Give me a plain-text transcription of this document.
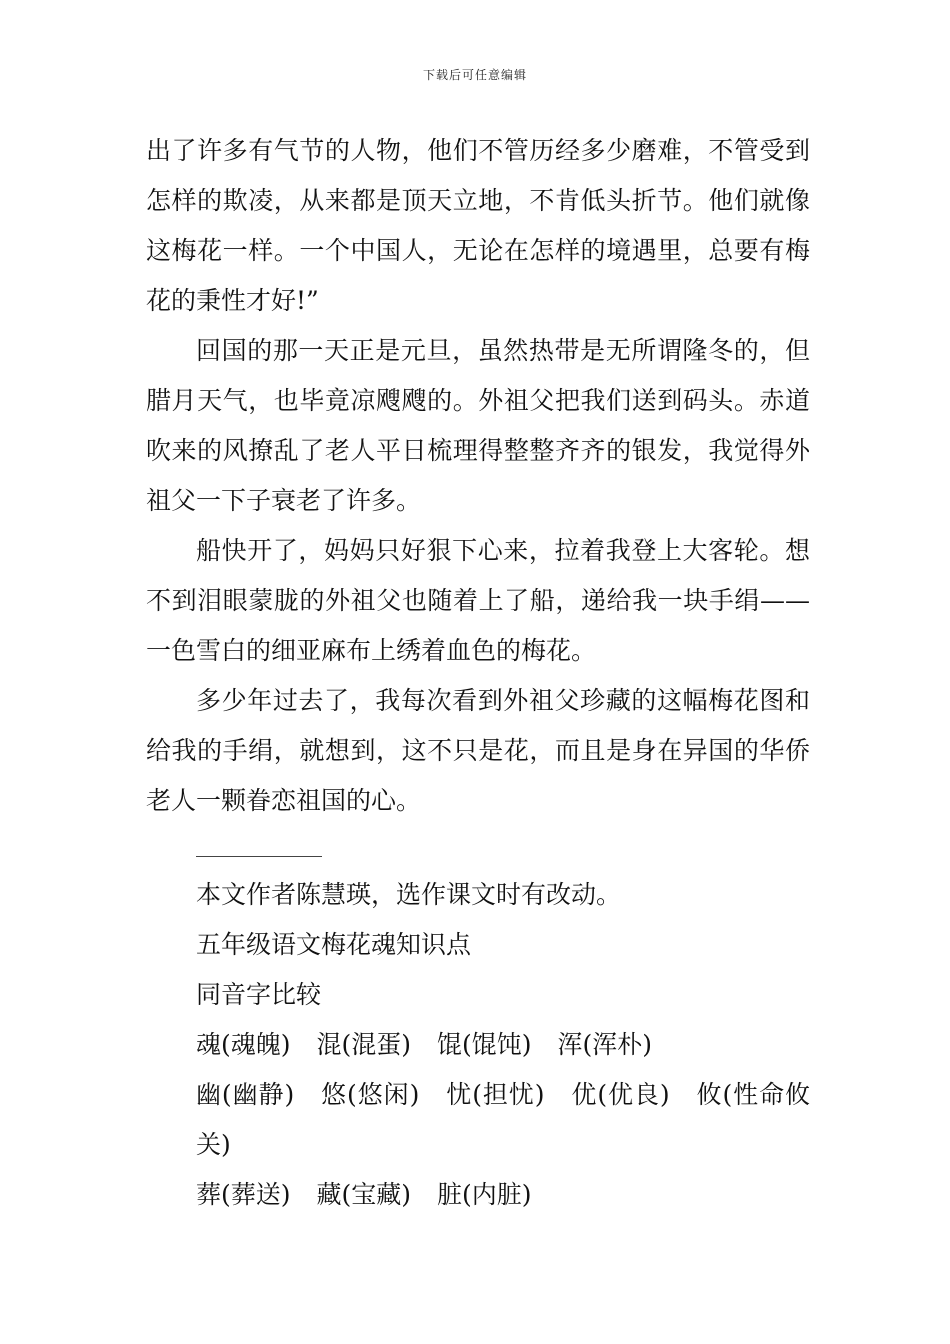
下载后可任意编辑

出了许多有气节的人物，他们不管历经多少磨难，不管受到怎样的欺凌，从来都是顶天立地，不肯低头折节。他们就像这梅花一样。一个中国人，无论在怎样的境遇里，总要有梅花的秉性才好!”

回国的那一天正是元旦，虽然热带是无所谓隆冬的，但腊月天气，也毕竟凉飕飕的。外祖父把我们送到码头。赤道吹来的风撩乱了老人平日梳理得整整齐齐的银发，我觉得外祖父一下子衰老了许多。

船快开了，妈妈只好狠下心来，拉着我登上大客轮。想不到泪眼蒙胧的外祖父也随着上了船，递给我一块手绢——一色雪白的细亚麻布上绣着血色的梅花。

多少年过去了，我每次看到外祖父珍藏的这幅梅花图和给我的手绢，就想到，这不只是花，而且是身在异国的华侨老人一颗眷恋祖国的心。

本文作者陈慧瑛，选作课文时有改动。

五年级语文梅花魂知识点

同音字比较

魂(魂魄) 混(混蛋) 馄(馄饨) 浑(浑朴)

幽(幽静) 悠(悠闲) 忧(担忧) 优(优良) 攸(性命攸关)

葬(葬送) 藏(宝藏) 脏(内脏)
